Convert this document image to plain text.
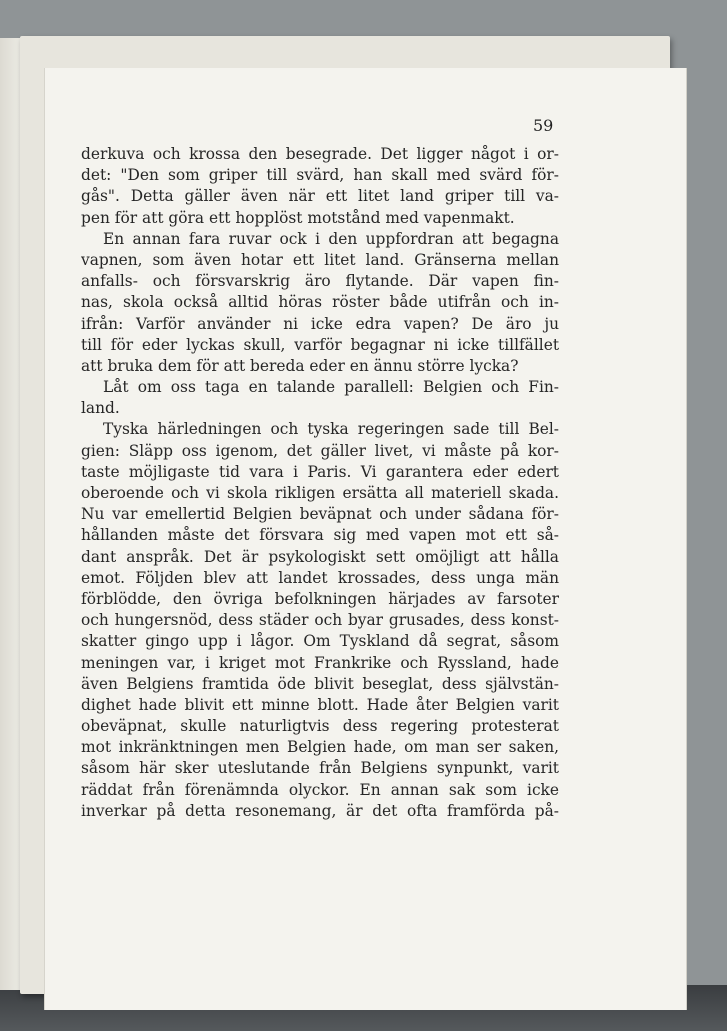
59

derkuva och krossa den besegrade. Det ligger något i or-
det: "Den som griper till svärd, han skall med svärd för-
gås". Detta gäller även när ett litet land griper till va-
pen för att göra ett hopplöst motstånd med vapenmakt.
En annan fara ruvar ock i den uppfordran att begagna
vapnen, som även hotar ett litet land. Gränserna mellan
anfalls- och försvarskrig äro flytande. Där vapen fin-
nas, skola också alltid höras röster både utifrån och in-
ifrån: Varför använder ni icke edra vapen? De äro ju
till för eder lyckas skull, varför begagnar ni icke tillfället
att bruka dem för att bereda eder en ännu större lycka?
Låt om oss taga en talande parallell: Belgien och Fin-
land.
Tyska härledningen och tyska regeringen sade till Bel-
gien: Släpp oss igenom, det gäller livet, vi måste på kor-
taste möjligaste tid vara i Paris. Vi garantera eder edert
oberoende och vi skola rikligen ersätta all materiell skada.
Nu var emellertid Belgien beväpnat och under sådana för-
hållanden måste det försvara sig med vapen mot ett så-
dant anspråk. Det är psykologiskt sett omöjligt att hålla
emot. Följden blev att landet krossades, dess unga män
förblödde, den övriga befolkningen härjades av farsoter
och hungersnöd, dess städer och byar grusades, dess konst-
skatter gingo upp i lågor. Om Tyskland då segrat, såsom
meningen var, i kriget mot Frankrike och Ryssland, hade
även Belgiens framtida öde blivit beseglat, dess självstän-
dighet hade blivit ett minne blott. Hade åter Belgien varit
obeväpnat, skulle naturligtvis dess regering protesterat
mot inkränktningen men Belgien hade, om man ser saken,
såsom här sker uteslutande från Belgiens synpunkt, varit
räddat från förenämnda olyckor. En annan sak som icke
inverkar på detta resonemang, är det ofta framförda på-
